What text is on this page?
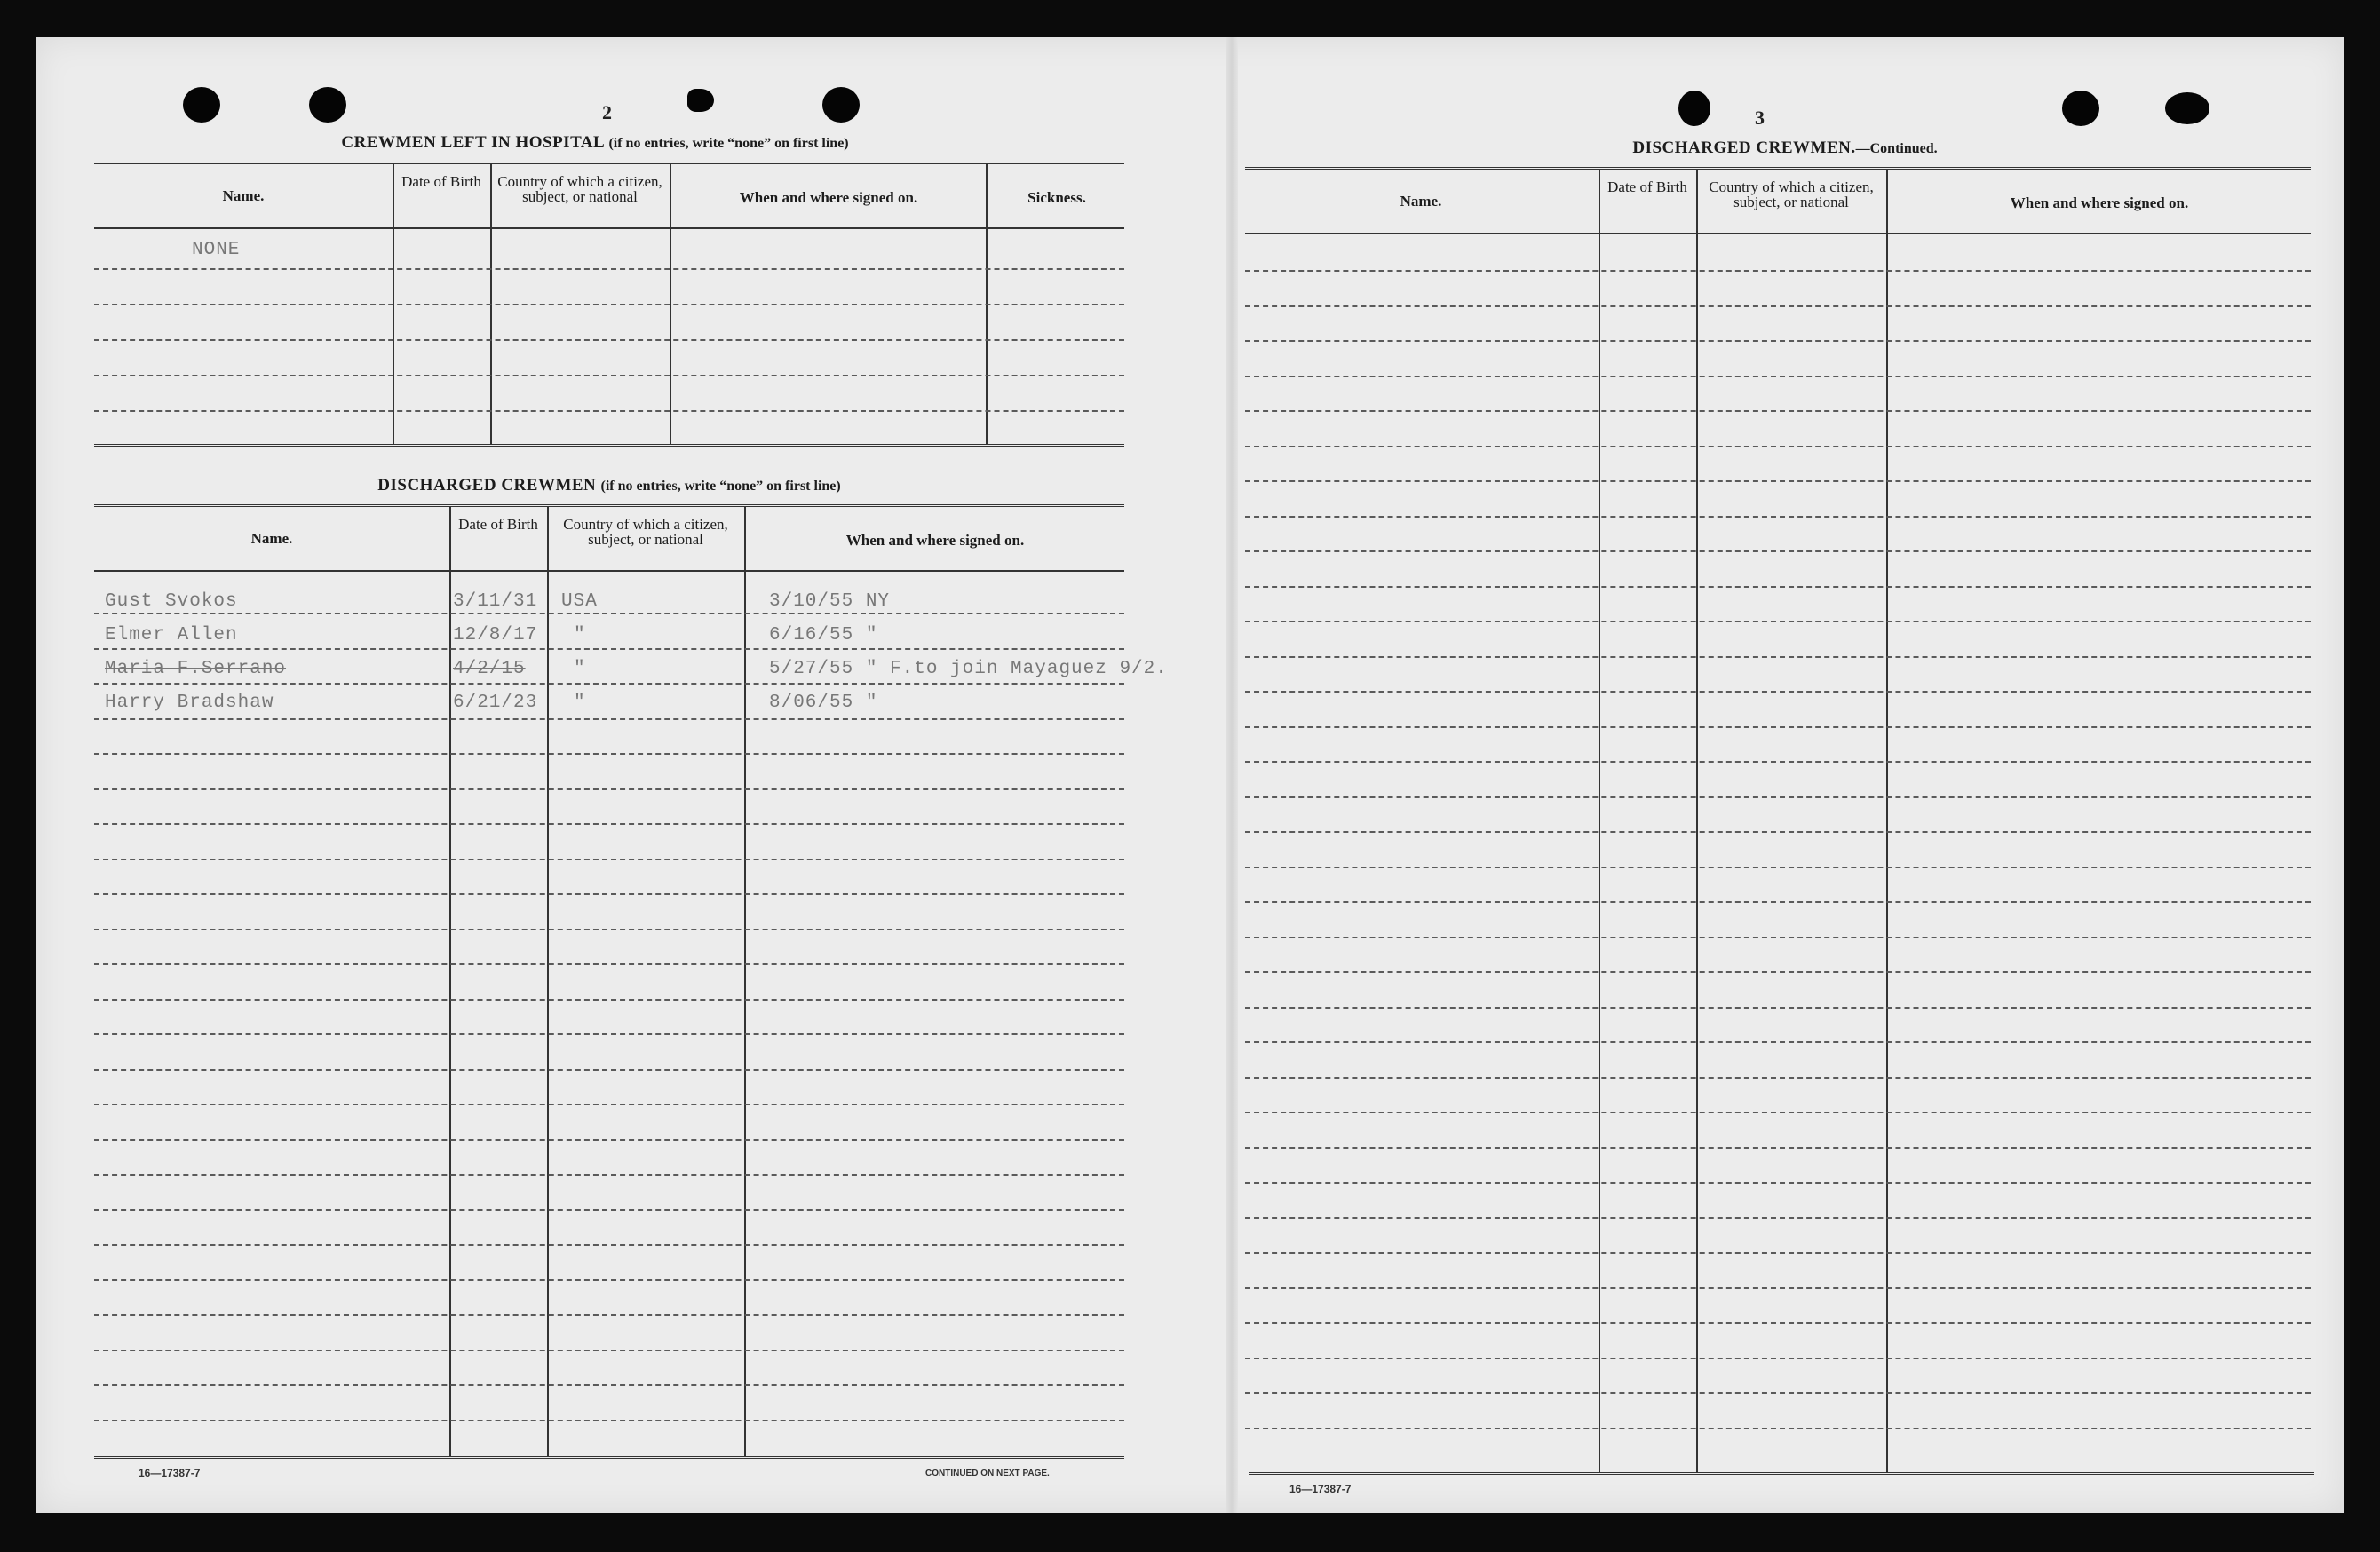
2
CREWMEN LEFT IN HOSPITAL (if no entries, write “none” on first line)
Name.
Date of Birth	Country of which a citizen, subject, or national	When and where signed on.	Sickness.
NONE
DISCHARGED CREWMEN (if no entries, write “none” on first line)
Name.
Date of Birth	Country of which a citizen, subject, or national	When and where signed on.
Gust Svokos	3/11/31 USA	3/10/55 NY
Elmer Allen	12/8/17 "	6/16/55 "
Maria F.Serrano	4/2/15	"	5/27/55 " F.to join Mayaguez 9/2.
Harry Bradshaw	6/21/23 "	8/06/55 "
16—17387-7	CONTINUED ON NEXT PAGE.
3
DISCHARGED CREWMEN.—Continued.
Name.
Date of Birth	Country of which a citizen, subject, or national	When and where signed on.
16—17387-7
